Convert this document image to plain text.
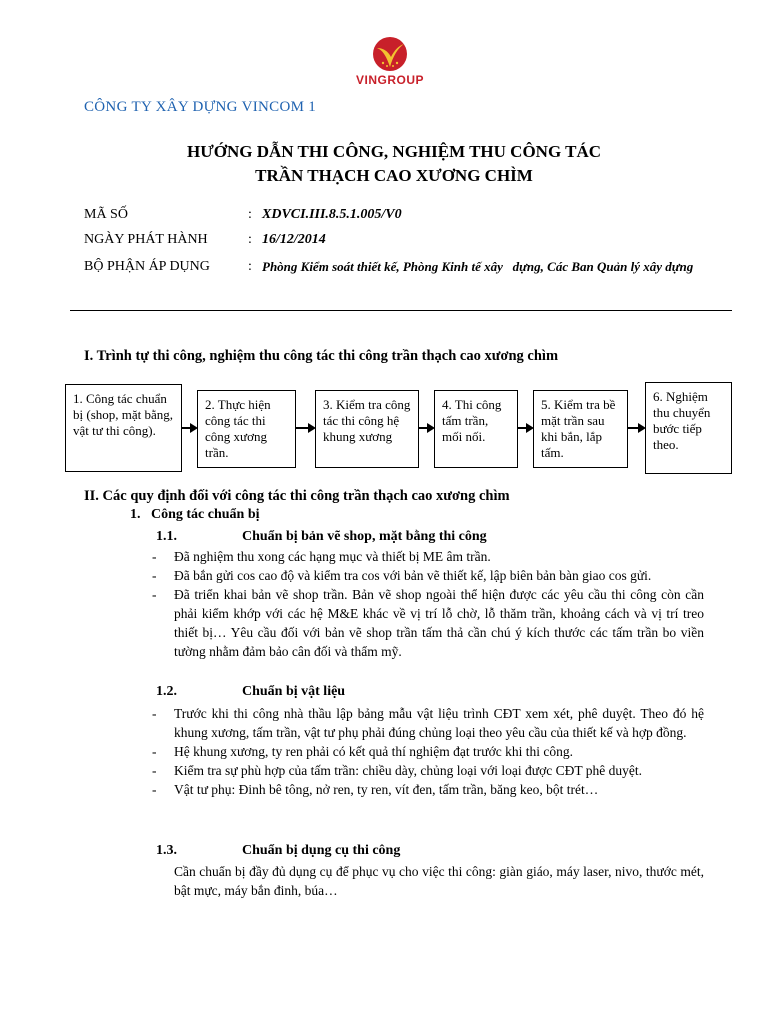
VINGROUP
CÔNG TY XÂY DỰNG VINCOM 1
HƯỚNG DẪN THI CÔNG, NGHIỆM THU CÔNG TÁC
TRẦN THẠCH CAO XƯƠNG CHÌM
MÃ SỐ	: XDVCI.III.8.5.1.005/V0
NGÀY PHÁT HÀNH	: 16/12/2014
BỘ PHẬN ÁP DỤNG	: Phòng Kiểm soát thiết kế, Phòng Kinh tế xây   dựng, Các Ban Quản lý xây dựng
I. Trình tự thi công, nghiệm thu công tác thi công trần thạch cao xương chìm
1. Công tác chuẩn bị (shop, mặt bằng, vật tư thi công).
2. Thực hiện công tác thi công xương trần.
3. Kiểm tra công tác thi công hệ khung xương
4. Thi công tấm trần, mối nối.
5. Kiểm tra bề mặt trần sau khi bắn, lắp tấm.
6. Nghiệm thu chuyển bước tiếp theo.
II. Các quy định đối với công tác thi công trần thạch cao xương chìm
1. Công tác chuẩn bị
1.1.	Chuẩn bị bản vẽ shop, mặt bằng thi công
-	Đã nghiệm thu xong các hạng mục và thiết bị ME âm trần.
-	Đã bắn gửi cos cao độ và kiểm tra cos với bản vẽ thiết kế, lập biên bản bàn giao cos gửi.
-	Đã triển khai bản vẽ shop trần. Bản vẽ shop ngoài thể hiện được các yêu cầu thi công còn cần phải kiểm khớp với các hệ M&E khác về vị trí lỗ chờ, lỗ thăm trần, khoảng cách và vị trí treo thiết bị… Yêu cầu đối với bản vẽ shop trần tấm thả cần chú ý kích thước các tấm trần bo viền tường nhằm đảm bảo cân đối và thẩm mỹ.
1.2.	Chuẩn bị vật liệu
-	Trước khi thi công nhà thầu lập bảng mẫu vật liệu trình CĐT xem xét, phê duyệt. Theo đó hệ khung xương, tấm trần, vật tư phụ phải đúng chủng loại theo yêu cầu của thiết kế và hợp đồng.
-	Hệ khung xương, ty ren phải có kết quả thí nghiệm đạt trước khi thi công.
-	Kiểm tra sự phù hợp của tấm trần: chiều dày, chủng loại với loại được CĐT phê duyệt.
-	Vật tư phụ: Đinh bê tông, nở ren, ty ren, vít đen, tấm trần, băng keo, bột trét…
1.3.	Chuẩn bị dụng cụ thi công
Cần chuẩn bị đầy đủ dụng cụ để phục vụ cho việc thi công: giàn giáo, máy laser, nivo, thước mét, bật mực, máy bắn đinh, búa…
